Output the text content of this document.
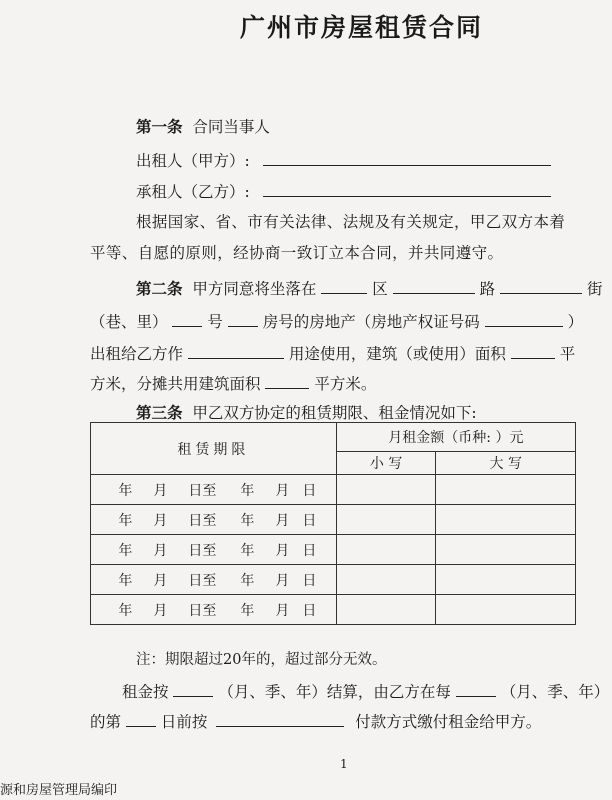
广州市房屋租赁合同
第一条 合同当事人
出租人（甲方）:
承租人（乙方）:
根据国家、省、市有关法律、法规及有关规定，甲乙双方本着
平等、自愿的原则，经协商一致订立本合同，并共同遵守。
第二条 甲方同意将坐落在	区	路	街
（巷、里）	号	房号的房地产（房地产权证号码	）
出租给乙方作	用途使用，建筑（或使用）面积	平
方米，分摊共用建筑面积	平方米。
第三条 甲乙双方协定的租赁期限、租金情况如下:
租赁期限	月租金额（币种: ）元	
	小 写	大 写
年 月 日至 年 月 日		
年 月 日至 年 月 日		
年 月 日至 年 月 日		
年 月 日至 年 月 日		
年 月 日至 年 月 日		
注：期限超过20年的，超过部分无效。
租金按	（月、季、年）结算，由乙方在每	（月、季、年）
的第	日前按	付款方式缴付租金给甲方。
1
源和房屋管理局编印
